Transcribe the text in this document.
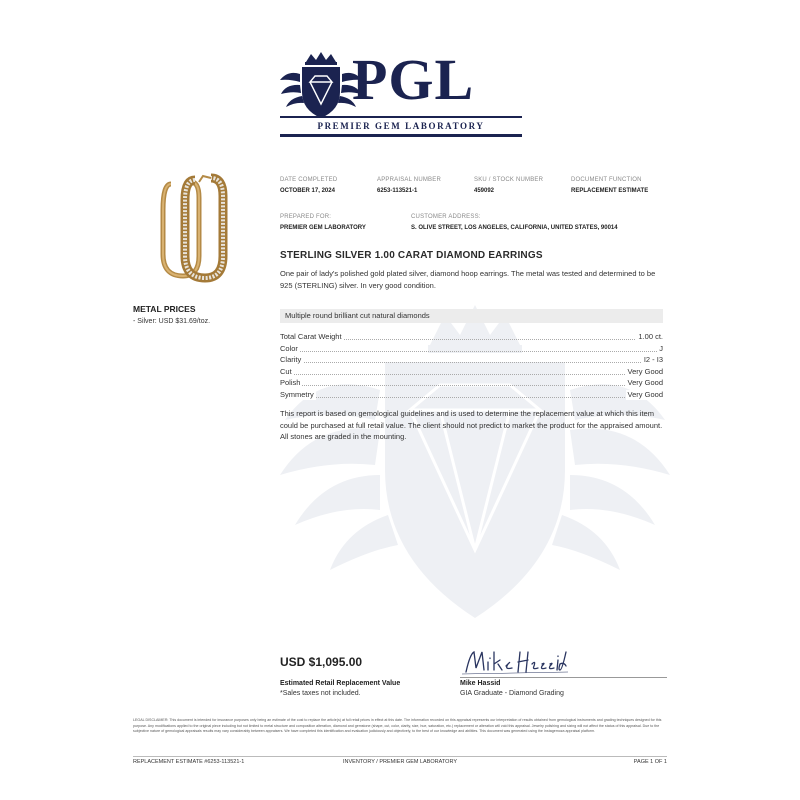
PGL
PREMIER GEM LABORATORY
METAL PRICES
- Silver: USD $31.69/toz.
DATE COMPLETED
OCTOBER 17, 2024
APPRAISAL NUMBER
6253-113521-1
SKU / STOCK NUMBER
459092
DOCUMENT FUNCTION
REPLACEMENT ESTIMATE
PREPARED FOR:
PREMIER GEM LABORATORY
CUSTOMER ADDRESS:
S. OLIVE STREET, LOS ANGELES, CALIFORNIA, UNITED STATES, 90014
STERLING SILVER 1.00 CARAT DIAMOND EARRINGS
One pair of lady's polished gold plated silver, diamond hoop earrings. The metal was tested and determined to be 925 (STERLING) silver. In very good condition.
Multiple round brilliant cut natural diamonds
Total Carat Weight	1.00 ct.
Color	J
Clarity	I2 - I3
Cut	Very Good
Polish	Very Good
Symmetry	Very Good
This report is based on gemological guidelines and is used to determine the replacement value at which this item could be purchased at full retail value. The client should not predict to market the product for the appraised amount. All stones are graded in the mounting.
USD $1,095.00
Estimated Retail Replacement Value
*Sales taxes not included.
Mike Hassid
GIA Graduate - Diamond Grading
LEGAL DISCLAIMER: This document is intended for insurance purposes only being an estimate of the cost to replace the article(s) at full retail prices in effect at this date. The information recorded on this appraisal represents our interpretation of results obtained from gemological instruments and grading techniques designed for this purpose. Any modifications applied to the original piece including but not limited to metal structure and composition alteration, diamond and gemstone (shape, cut, color, clarity, size, hue, saturation, etc.) replacement or alteration will void this appraisal. Jewelry polishing and sizing will not affect the status of this appraisal. Due to the subjective nature of gemological appraisals results may vary considerably between appraisers. We have completed this identification and evaluation judiciously and objectively, to the best of our knowledge and abilities. This document was generated using the Instagemoza appraisal platform.
REPLACEMENT ESTIMATE #6253-113521-1	INVENTORY / PREMIER GEM LABORATORY	PAGE 1 OF 1
